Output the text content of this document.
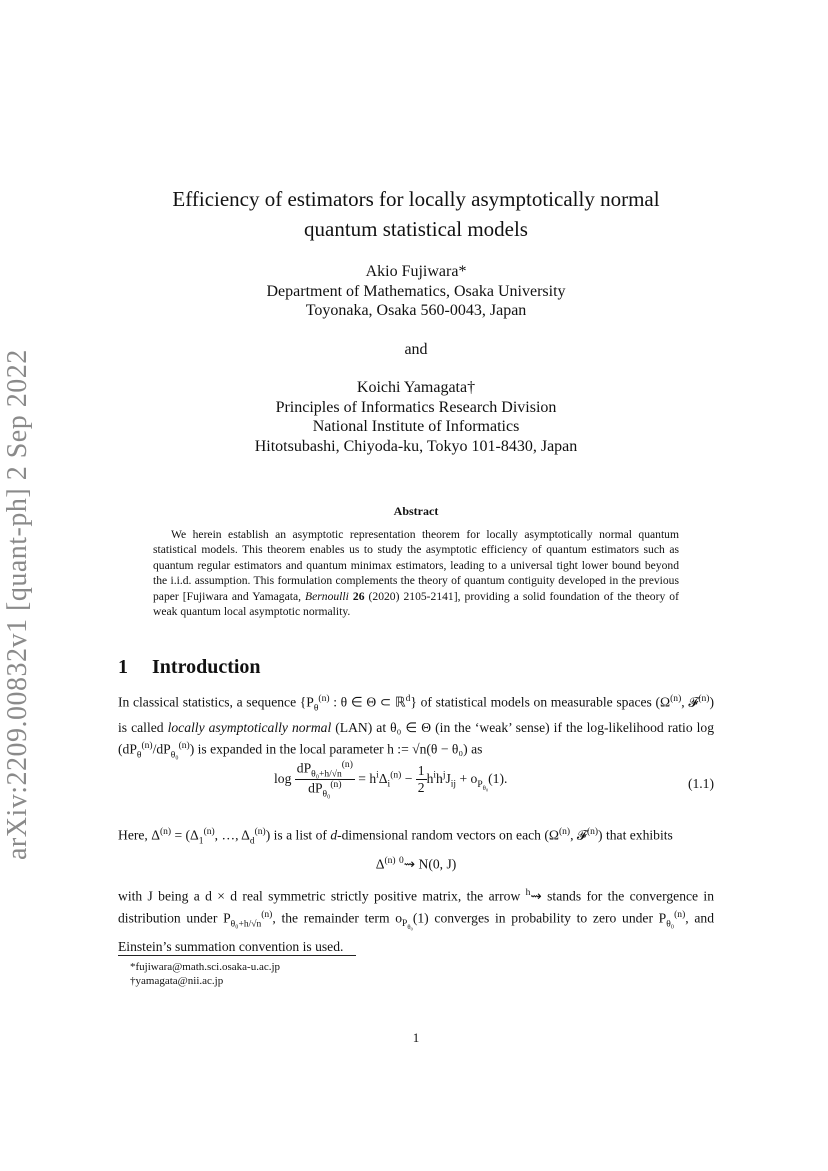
arXiv:2209.00832v1 [quant-ph] 2 Sep 2022
Efficiency of estimators for locally asymptotically normal
quantum statistical models
Akio Fujiwara*
Department of Mathematics, Osaka University
Toyonaka, Osaka 560-0043, Japan
and
Koichi Yamagata†
Principles of Informatics Research Division
National Institute of Informatics
Hitotsubashi, Chiyoda-ku, Tokyo 101-8430, Japan
Abstract
We herein establish an asymptotic representation theorem for locally asymptotically normal quantum statistical models. This theorem enables us to study the asymptotic efficiency of quantum estimators such as quantum regular estimators and quantum minimax estimators, leading to a universal tight lower bound beyond the i.i.d. assumption. This formulation complements the theory of quantum contiguity developed in the previous paper [Fujiwara and Yamagata, Bernoulli 26 (2020) 2105-2141], providing a solid foundation of the theory of weak quantum local asymptotic normality.
1 Introduction
In classical statistics, a sequence {$P_\theta^{(n)}$ : θ ∈ Θ ⊂ ℝ$^d$} of statistical models on measurable spaces ($\Omega^{(n)}$, 𝓕$^{(n)}$) is called locally asymptotically normal (LAN) at θ₀ ∈ Θ (in the ‘weak’ sense) if the log-likelihood ratio $\log (dP_\theta^{(n)}/dP_{\theta_0}^{(n)})$ is expanded in the local parameter h := √n(θ − θ₀) as
$\log \frac{dP_{\theta_0+h/√n}^{(n)}}{dP_{\theta_0}^{(n)}} = h^i\Delta_i^{(n)} - \frac{1}{2} h^ih^jJ_{ij} + o_{P_{\theta_0}}(1)$.	(1.1)
Here, $\Delta^{(n)} = (\Delta_1^{(n)}$, …, $\Delta_d^{(n)}$) is a list of d-dimensional random vectors on each ($\Omega^{(n)}$, 𝓕$^{(n)}$) that exhibits
$\Delta^{(n)}$ $^0$⇝ N(0, J)
with J being a d × d real symmetric strictly positive matrix, the arrow $^h$⇝ stands for the convergence in distribution under $P_{\theta_0+h/√n}^{(n)}$, the remainder term $o_{P_{\theta_0}}(1)$ converges in probability to zero under $P_{\theta_0}^{(n)}$, and Einstein’s summation convention is used.
*fujiwara@math.sci.osaka-u.ac.jp
†yamagata@nii.ac.jp
1
